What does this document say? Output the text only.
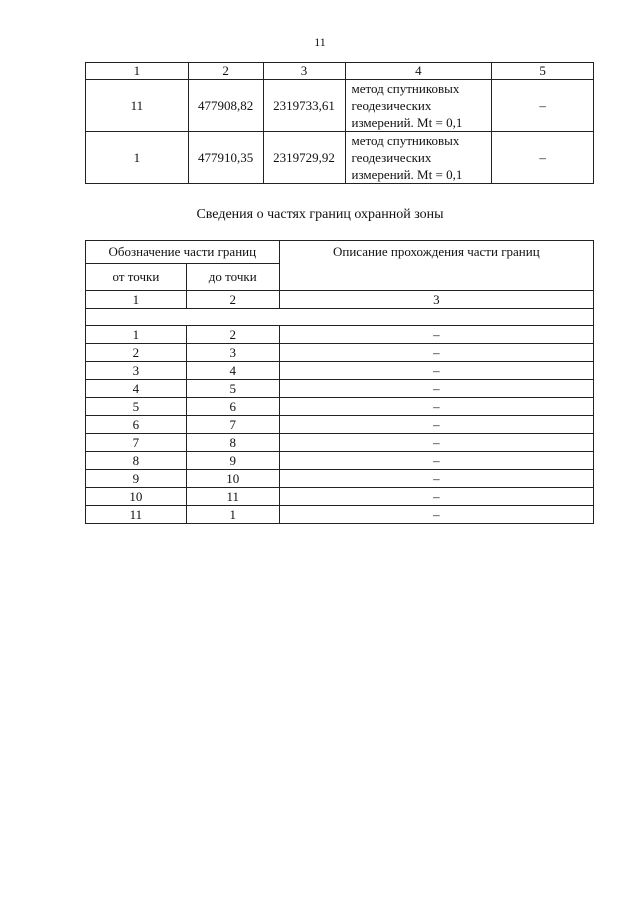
11
1	2	3	4	5
11	477908,82	2319733,61	метод спутниковых
геодезических
измерений. Mt = 0,1	–
1	477910,35	2319729,92	метод спутниковых
геодезических
измерений. Mt = 0,1	–
Сведения о частях границ охранной зоны
Обозначение части границ		Описание прохождения части границ
от точки	до точки	
1	2	3

1	2	–
2	3	–
3	4	–
4	5	–
5	6	–
6	7	–
7	8	–
8	9	–
9	10	–
10	11	–
11	1	–
